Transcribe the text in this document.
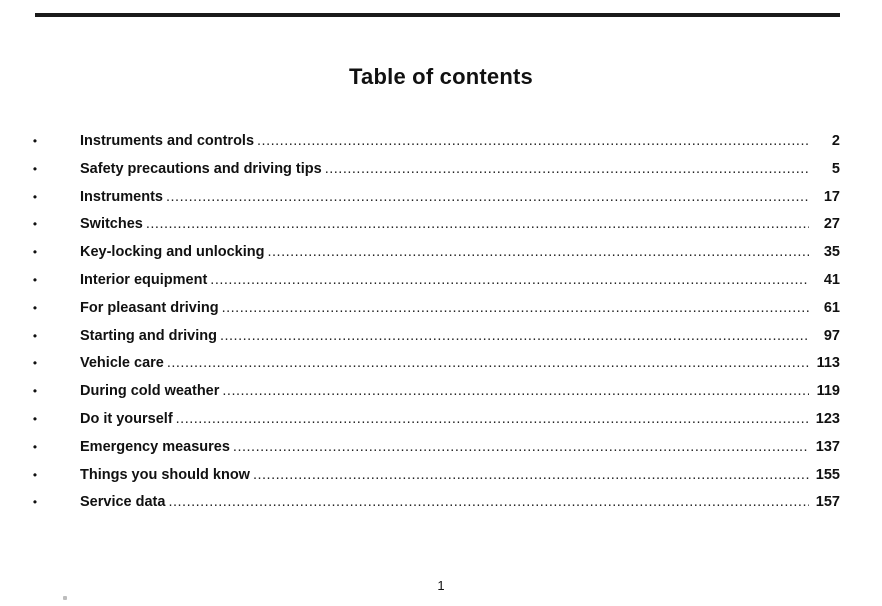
Table of contents
•	Instruments and controls .....	2
•	Safety precautions and driving tips .....	5
•	Instruments .....	17
•	Switches .....	27
•	Key-locking and unlocking .....	35
•	Interior equipment .....	41
•	For pleasant driving .....	61
•	Starting and driving .....	97
•	Vehicle care .....	113
•	During cold weather .....	119
•	Do it yourself .....	123
•	Emergency measures .....	137
•	Things you should know .....	155
•	Service data .....	157
1
